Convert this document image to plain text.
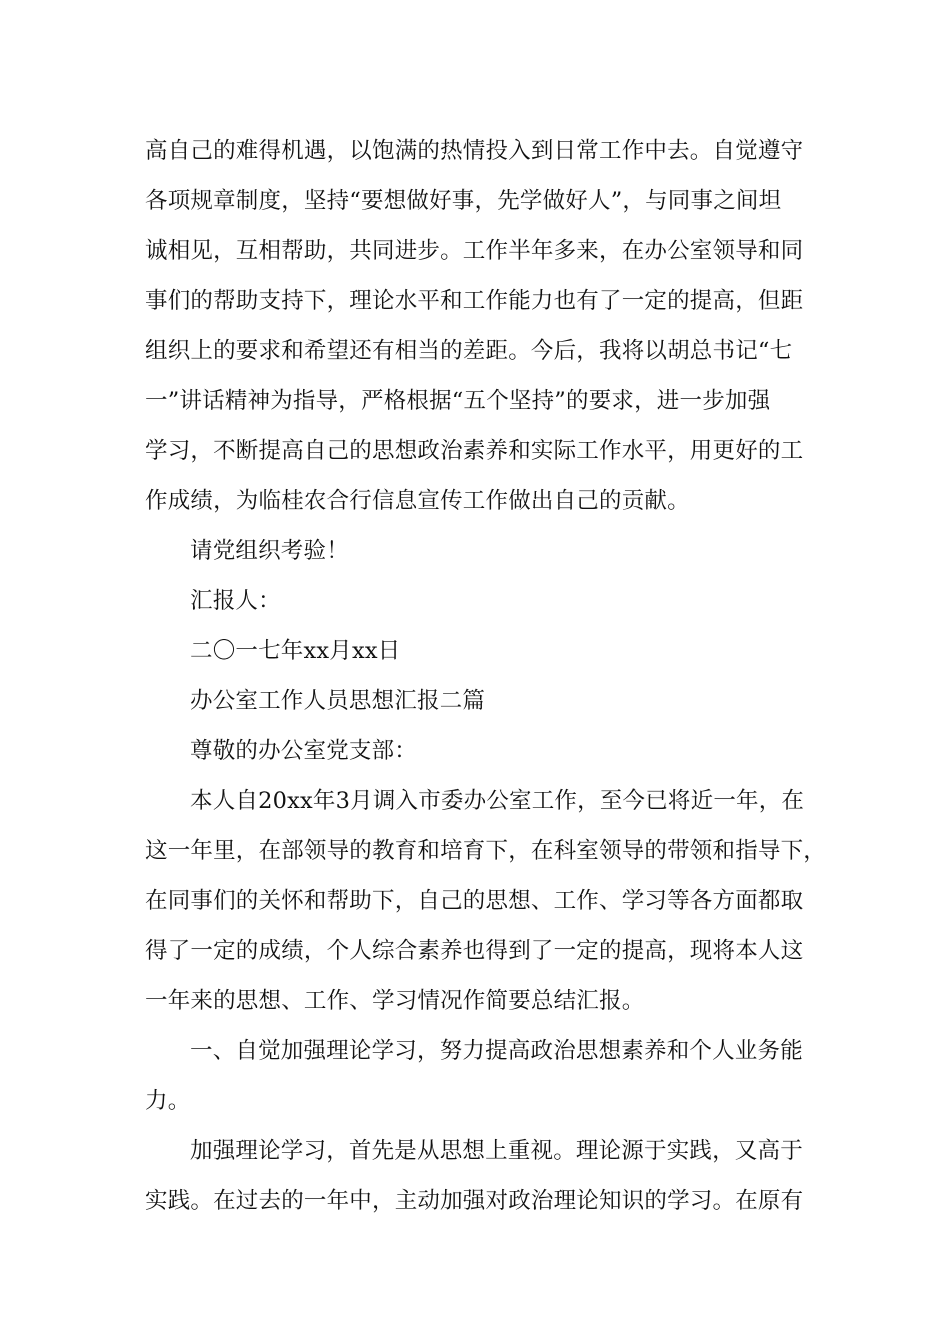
高自己的难得机遇，以饱满的热情投入到日常工作中去。自觉遵守
各项规章制度，坚持“要想做好事，先学做好人”，与同事之间坦
诚相见，互相帮助，共同进步。工作半年多来，在办公室领导和同
事们的帮助支持下，理论水平和工作能力也有了一定的提高，但距
组织上的要求和希望还有相当的差距。今后，我将以胡总书记“七
一”讲话精神为指导，严格根据“五个坚持”的要求，进一步加强
学习，不断提高自己的思想政治素养和实际工作水平，用更好的工
作成绩，为临桂农合行信息宣传工作做出自己的贡献。
请党组织考验！
汇报人：
二〇一七年xx月xx日
办公室工作人员思想汇报二篇
尊敬的办公室党支部：
本人自20xx年3月调入市委办公室工作，至今已将近一年，在
这一年里，在部领导的教育和培育下，在科室领导的带领和指导下，
在同事们的关怀和帮助下，自己的思想、工作、学习等各方面都取
得了一定的成绩，个人综合素养也得到了一定的提高，现将本人这
一年来的思想、工作、学习情况作简要总结汇报。
一、自觉加强理论学习，努力提高政治思想素养和个人业务能
力。
加强理论学习，首先是从思想上重视。理论源于实践，又高于
实践。在过去的一年中，主动加强对政治理论知识的学习。在原有
